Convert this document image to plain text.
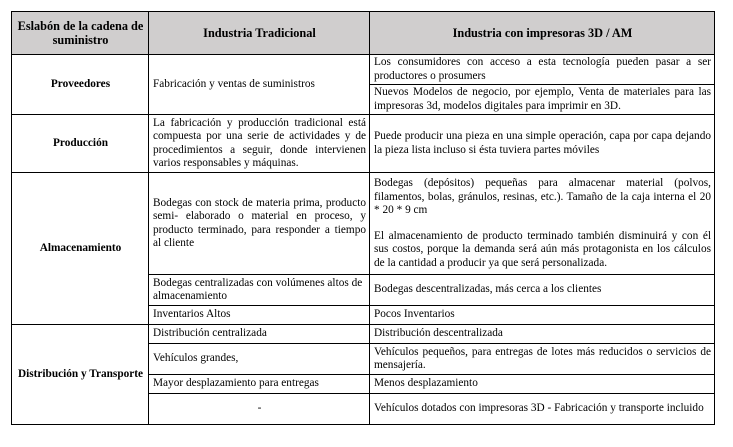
Eslabón de la cadena de suministro	Industria Tradicional	Industria con impresoras 3D / AM
Proveedores	Fabricación y ventas de suministros	Los consumidores con acceso a esta tecnología pueden pasar a ser productores o prosumers
		Nuevos Modelos de negocio, por ejemplo, Venta de materiales para las impresoras 3d, modelos digitales para imprimir en 3D.
Producción	La fabricación y producción tradicional está compuesta por una serie de actividades y de procedimientos a seguir, donde intervienen varios responsables y máquinas.	Puede producir una pieza en una simple operación, capa por capa dejando la pieza lista incluso si ésta tuviera partes móviles
Almacenamiento	Bodegas con stock de materia prima, producto semi- elaborado o material en proceso, y producto terminado, para responder a tiempo al cliente	Bodegas (depósitos) pequeñas para almacenar material (polvos, filamentos, bolas, gránulos, resinas, etc.). Tamaño de la caja interna el 20 * 20 * 9 cm
El almacenamiento de producto terminado también disminuirá y con él sus costos, porque la demanda será aún más protagonista en los cálculos de la cantidad a producir ya que será personalizada.

	Bodegas centralizadas con volúmenes altos de almacenamiento	Bodegas descentralizadas, más cerca a los clientes
	Inventarios Altos	Pocos Inventarios
Distribución y Transporte	Distribución centralizada	Distribución descentralizada
	Vehículos grandes,	Vehículos pequeños, para entregas de lotes más reducidos o servicios de mensajería.
	Mayor desplazamiento para entregas	Menos desplazamiento
	-	Vehículos dotados con impresoras 3D - Fabricación y transporte incluido
